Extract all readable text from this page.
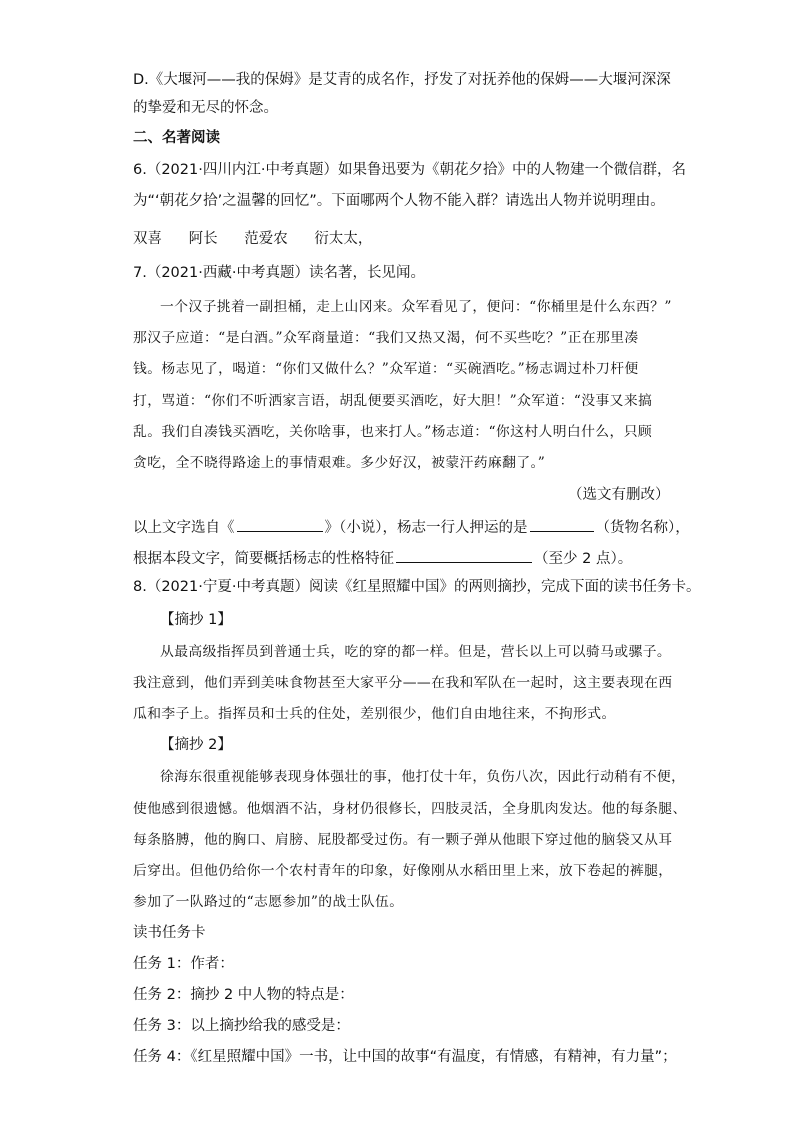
D.《大堰河——我的保姆》是艾青的成名作，抒发了对抚养他的保姆——大堰河深深
的挚爱和无尽的怀念。
二、名著阅读
6.（2021·四川内江·中考真题）如果鲁迅要为《朝花夕拾》中的人物建一个微信群，名
为“‘朝花夕拾’之温馨的回忆”。下面哪两个人物不能入群？请选出人物并说明理由。
双喜 阿长 范爱农 衍太太，
7.（2021·西藏·中考真题）读名著，长见闻。
一个汉子挑着一副担桶，走上山冈来。众军看见了，便问：“你桶里是什么东西？”
那汉子应道：“是白酒。”众军商量道：“我们又热又渴，何不买些吃？”正在那里凑
钱。杨志见了，喝道：“你们又做什么？”众军道：“买碗酒吃。”杨志调过朴刀杆便
打，骂道：“你们不听洒家言语，胡乱便要买酒吃，好大胆！”众军道：“没事又来搞
乱。我们自凑钱买酒吃，关你啥事，也来打人。”杨志道：“你这村人明白什么，只顾
贪吃，全不晓得路途上的事情艰难。多少好汉，被蒙汗药麻翻了。”
（选文有删改）
以上文字选自《	》（小说），杨志一行人押运的是	（货物名称），
根据本段文字，简要概括杨志的性格特征	（至少 2 点）。
8.（2021·宁夏·中考真题）阅读《红星照耀中国》的两则摘抄，完成下面的读书任务卡。
【摘抄 1】
从最高级指挥员到普通士兵，吃的穿的都一样。但是，营长以上可以骑马或骡子。
我注意到，他们弄到美味食物甚至大家平分——在我和军队在一起时，这主要表现在西
瓜和李子上。指挥员和士兵的住处，差别很少，他们自由地往来，不拘形式。
【摘抄 2】
徐海东很重视能够表现身体强壮的事，他打仗十年，负伤八次，因此行动稍有不便，
使他感到很遗憾。他烟酒不沾，身材仍很修长，四肢灵活，全身肌肉发达。他的每条腿、
每条胳膊，他的胸口、肩膀、屁股都受过伤。有一颗子弹从他眼下穿过他的脑袋又从耳
后穿出。但他仍给你一个农村青年的印象，好像刚从水稻田里上来，放下卷起的裤腿，
参加了一队路过的“志愿参加”的战士队伍。
读书任务卡
任务 1：作者：
任务 2：摘抄 2 中人物的特点是：
任务 3：以上摘抄给我的感受是：
任务 4：《红星照耀中国》一书，让中国的故事“有温度，有情感，有精神，有力量”；
